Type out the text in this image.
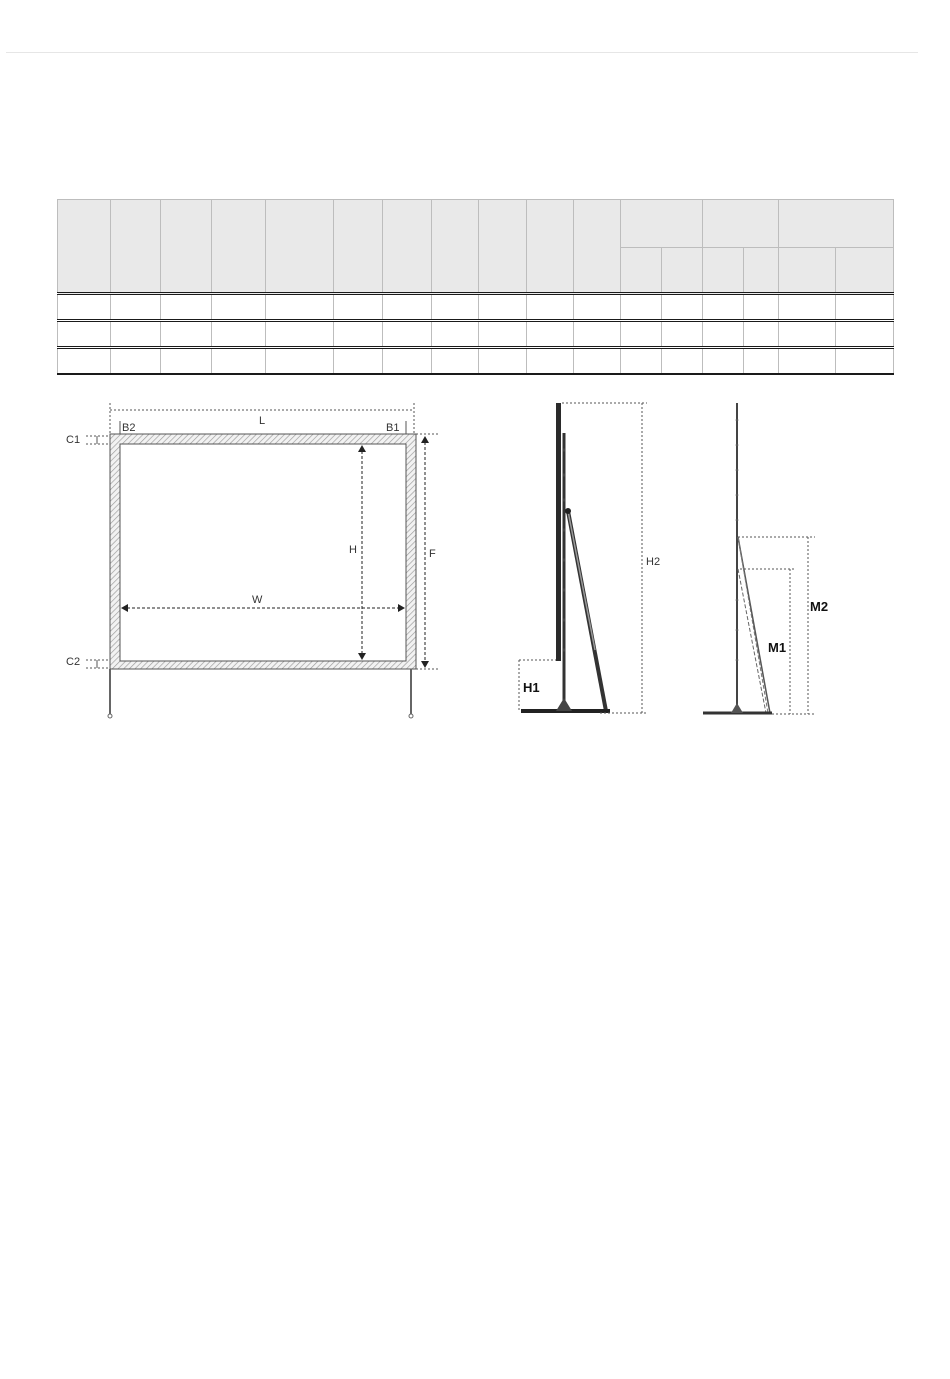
L
B2	B1
C1
C2
H
W
F
H2
H1
M2
M1
